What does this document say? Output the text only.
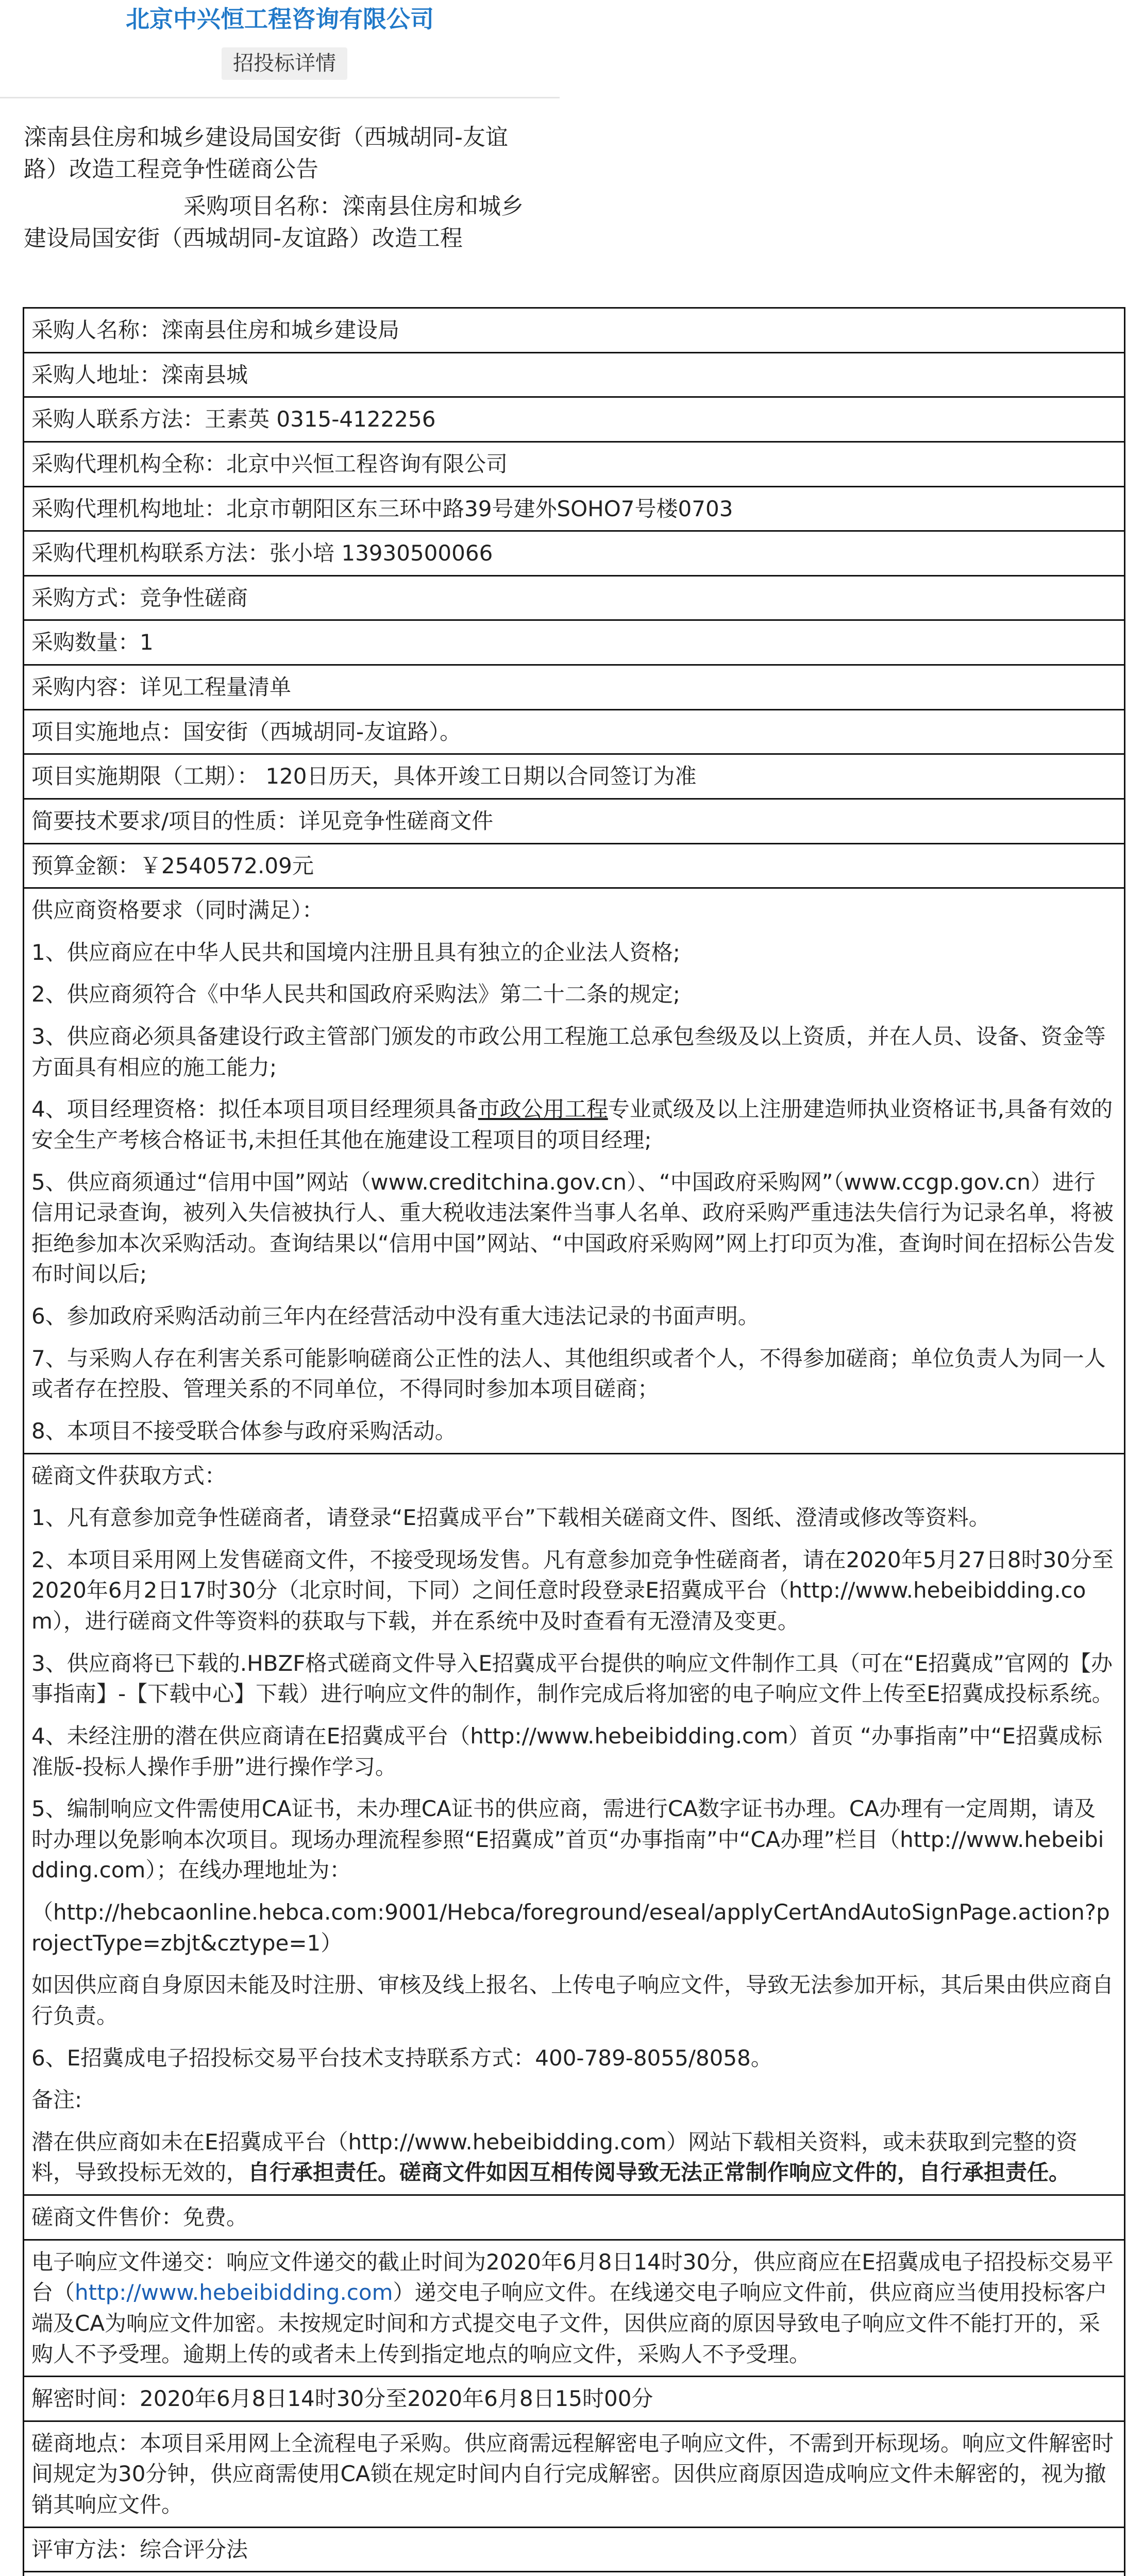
北京中兴恒工程咨询有限公司
招投标详情
滦南县住房和城乡建设局国安街（西城胡同-友谊路）改造工程竞争性磋商公告
采购项目名称：滦南县住房和城乡建设局国安街（西城胡同-友谊路）改造工程
采购人名称：滦南县住房和城乡建设局
采购人地址：滦南县城
采购人联系方法：王素英 0315-4122256
采购代理机构全称：北京中兴恒工程咨询有限公司
采购代理机构地址：北京市朝阳区东三环中路39号建外SOHO7号楼0703
采购代理机构联系方法：张小培 13930500066
采购方式：竞争性磋商
采购数量：1
采购内容：详见工程量清单
项目实施地点：国安街（西城胡同-友谊路）。
项目实施期限（工期）： 120日历天，具体开竣工日期以合同签订为准
简要技术要求/项目的性质：详见竞争性磋商文件
预算金额：￥2540572.09元

供应商资格要求（同时满足）：

1、供应商应在中华人民共和国境内注册且具有独立的企业法人资格;

2、供应商须符合《中华人民共和国政府采购法》第二十二条的规定;

3、供应商必须具备建设行政主管部门颁发的市政公用工程施工总承包叁级及以上资质，并在人员、设备、资金等方面具有相应的施工能力;

4、项目经理资格：拟任本项目项目经理须具备市政公用工程专业贰级及以上注册建造师执业资格证书,具备有效的安全生产考核合格证书,未担任其他在施建设工程项目的项目经理;

5、供应商须通过“信用中国”网站（www.creditchina.gov.cn）、“中国政府采购网”（www.ccgp.gov.cn）进行信用记录查询，被列入失信被执行人、重大税收违法案件当事人名单、政府采购严重违法失信行为记录名单，将被拒绝参加本次采购活动。查询结果以“信用中国”网站、“中国政府采购网”网上打印页为准，查询时间在招标公告发布时间以后;

6、参加政府采购活动前三年内在经营活动中没有重大违法记录的书面声明。

7、与采购人存在利害关系可能影响磋商公正性的法人、其他组织或者个人，不得参加磋商；单位负责人为同一人或者存在控股、管理关系的不同单位，不得同时参加本项目磋商；

8、本项目不接受联合体参与政府采购活动。

磋商文件获取方式：

1、凡有意参加竞争性磋商者，请登录“E招冀成平台”下载相关磋商文件、图纸、澄清或修改等资料。

2、本项目采用网上发售磋商文件，不接受现场发售。凡有意参加竞争性磋商者，请在2020年5月27日8时30分至2020年6月2日17时30分（北京时间，下同）之间任意时段登录E招冀成平台（http://www.hebeibidding.com），进行磋商文件等资料的获取与下载，并在系统中及时查看有无澄清及变更。

3、供应商将已下载的.HBZF格式磋商文件导入E招冀成平台提供的响应文件制作工具（可在“E招冀成”官网的【办事指南】-【下载中心】下载）进行响应文件的制作，制作完成后将加密的电子响应文件上传至E招冀成投标系统。

4、未经注册的潜在供应商请在E招冀成平台（http://www.hebeibidding.com）首页 “办事指南”中“E招冀成标准版-投标人操作手册”进行操作学习。

5、编制响应文件需使用CA证书，未办理CA证书的供应商，需进行CA数字证书办理。CA办理有一定周期，请及时办理以免影响本次项目。现场办理流程参照“E招冀成”首页“办事指南”中“CA办理”栏目（http://www.hebeibidding.com）；在线办理地址为：

（http://hebcaonline.hebca.com:9001/Hebca/foreground/eseal/applyCertAndAutoSignPage.action?projectType=zbjt&cztype=1）

如因供应商自身原因未能及时注册、审核及线上报名、上传电子响应文件，导致无法参加开标，其后果由供应商自行负责。

6、E招冀成电子招投标交易平台技术支持联系方式：400-789-8055/8058。

备注:

潜在供应商如未在E招冀成平台（http://www.hebeibidding.com）网站下载相关资料，或未获取到完整的资料，导致投标无效的，自行承担责任。磋商文件如因互相传阅导致无法正常制作响应文件的，自行承担责任。

磋商文件售价：免费。
电子响应文件递交：响应文件递交的截止时间为2020年6月8日14时30分，供应商应在E招冀成电子招投标交易平台（http://www.hebeibidding.com）递交电子响应文件。在线递交电子响应文件前，供应商应当使用投标客户端及CA为响应文件加密。未按规定时间和方式提交电子文件，因供应商的原因导致电子响应文件不能打开的，采购人不予受理。逾期上传的或者未上传到指定地点的响应文件，采购人不予受理。
解密时间：2020年6月8日14时30分至2020年6月8日15时00分
磋商地点：本项目采用网上全流程电子采购。供应商需远程解密电子响应文件，不需到开标现场。响应文件解密时间规定为30分钟，供应商需使用CA锁在规定时间内自行完成解密。因供应商原因造成响应文件未解密的，视为撤销其响应文件。
评审方法：综合评分法
